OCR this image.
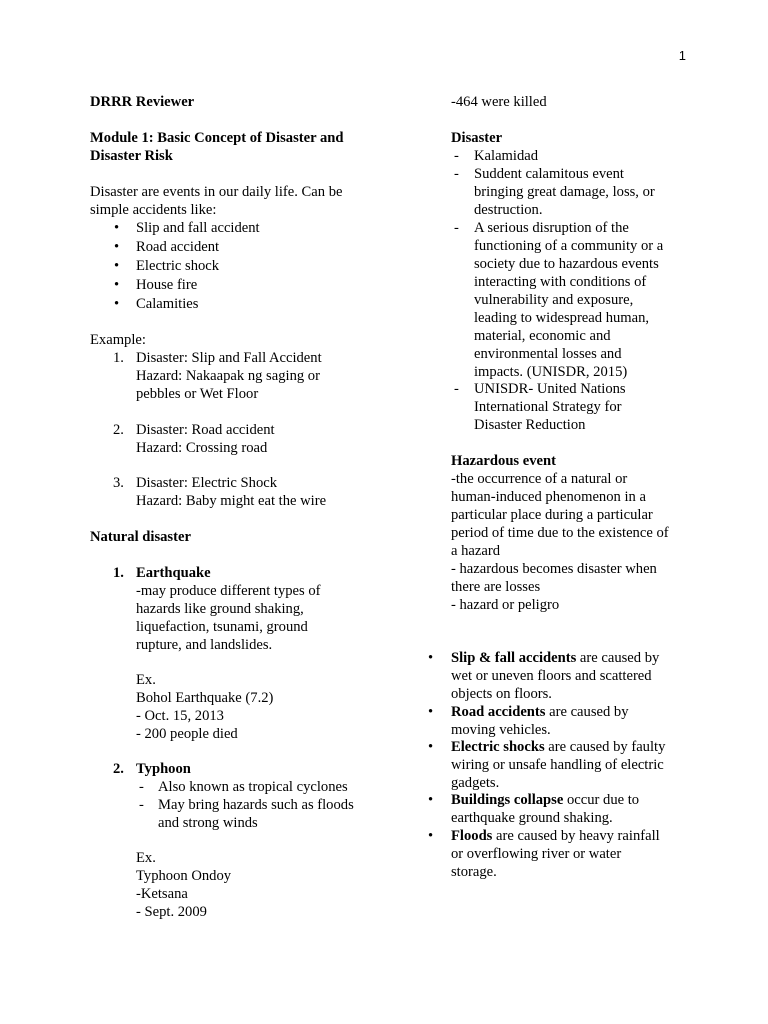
1
DRRR Reviewer
Module 1: Basic Concept of Disaster and
Disaster Risk
Disaster are events in our daily life. Can be
simple accidents like:
• Slip and fall accident
• Road accident
• Electric shock
• House fire
• Calamities
Example:
1. Disaster: Slip and Fall Accident
Hazard: Nakaapak ng saging or
pebbles or Wet Floor
2. Disaster: Road accident
Hazard: Crossing road
3. Disaster: Electric Shock
Hazard: Baby might eat the wire
Natural disaster
1. Earthquake
-may produce different types of
hazards like ground shaking,
liquefaction, tsunami, ground
rupture, and landslides.
Ex.
Bohol Earthquake (7.2)
- Oct. 15, 2013
- 200 people died
2. Typhoon
- Also known as tropical cyclones
- May bring hazards such as floods
and strong winds
Ex.
Typhoon Ondoy
-Ketsana
- Sept. 2009
-464 were killed
Disaster
- Kalamidad
- Suddent calamitous event
bringing great damage, loss, or
destruction.
- A serious disruption of the
functioning of a community or a
society due to hazardous events
interacting with conditions of
vulnerability and exposure,
leading to widespread human,
material, economic and
environmental losses and
impacts. (UNISDR, 2015)
- UNISDR- United Nations
International Strategy for
Disaster Reduction
Hazardous event
-the occurrence of a natural or
human-induced phenomenon in a
particular place during a particular
period of time due to the existence of
a hazard
- hazardous becomes disaster when
there are losses
- hazard or peligro
• Slip & fall accidents are caused by
wet or uneven floors and scattered
objects on floors.
• Road accidents are caused by
moving vehicles.
• Electric shocks are caused by faulty
wiring or unsafe handling of electric
gadgets.
• Buildings collapse occur due to
earthquake ground shaking.
• Floods are caused by heavy rainfall
or overflowing river or water
storage.
